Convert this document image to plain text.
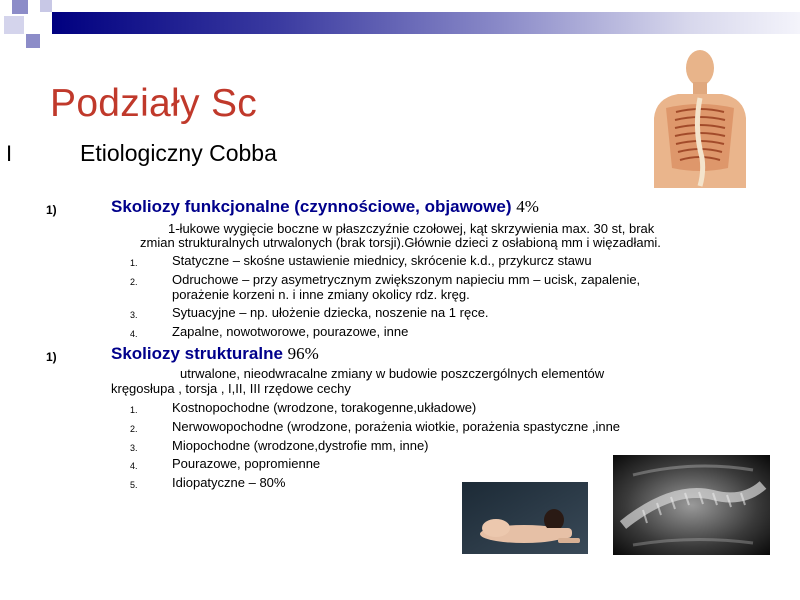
Podziały Sc
I	Etiologiczny Cobba
1)	Skoliozy funkcjonalne (czynnościowe, objawowe) 4%
1-łukowe wygięcie boczne w płaszczyźnie czołowej, kąt skrzywienia max. 30 st, brak
zmian strukturalnych utrwalonych (brak torsji).Głównie dzieci z osłabioną mm i więzadłami.
1.	Statyczne – skośne ustawienie miednicy, skrócenie k.d., przykurcz stawu
2.	Odruchowe – przy asymetrycznym zwiększonym napieciu mm – ucisk, zapalenie,
porażenie korzeni n. i inne zmiany okolicy rdz. kręg.
3.	Sytuacyjne – np. ułożenie dziecka, noszenie na 1 ręce.
4.	Zapalne, nowotworowe, pourazowe, inne
1)	Skoliozy strukturalne 96%
utrwalone, nieodwracalne zmiany w budowie poszczergólnych elementów
kręgosłupa , torsja , I,II, III rzędowe cechy
1.	Kostnopochodne (wrodzone, torakogenne,układowe)
2.	Nerwowopochodne (wrodzone, porażenia wiotkie, porażenia spastyczne ,inne
3.	Miopochodne (wrodzone,dystrofie mm, inne)
4.	Pourazowe, popromienne
5.	Idiopatyczne – 80%
